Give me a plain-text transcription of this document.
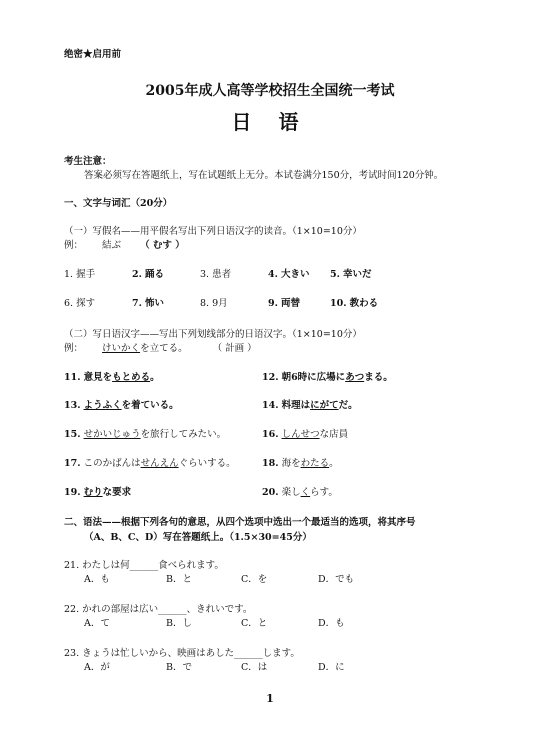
绝密★启用前
2005年成人高等学校招生全国统一考试
日 语
考生注意：
答案必须写在答题纸上，写在试题纸上无分。本试卷满分150分，考试时间120分钟。
一、文字与词汇（20分）
（一）写假名——用平假名写出下列日语汉字的读音。（1×10=10分）
例： 結ぶ （ むす ）
1. 握手	2. 踊る	3. 患者	4. 大きい 5. 幸いだ
6. 探す	7. 怖い	8. 9月	9. 両替	10. 教わる
（二）写日语汉字——写出下列划线部分的日语汉字。（1×10=10分）
例： けいかくを立てる。	（ 計画 ）
11. 意見をもとめる。	12. 朝6時に広場にあつまる。
13. ようふくを着ている。	14. 料理はにがてだ。
15. せかいじゅうを旅行してみたい。	16. しんせつな店員
17. このかばんはせんえんぐらいする。	18. 海をわたる。
19. むりな要求	20. 楽しくらす。
二、语法——根据下列各句的意思，从四个选项中选出一个最适当的选项，将其序号
（A、B、C、D）写在答题纸上。（1.5×30=45分）
21. わたしは何______食べられます。
A．も	B．と	C．を	D．でも
22. かれの部屋は広い______、きれいです。
A．て	B．し	C．と	D．も
23. きょうは忙しいから、映画はあした______します。
A．が	B．で	C．は	D．に
1
